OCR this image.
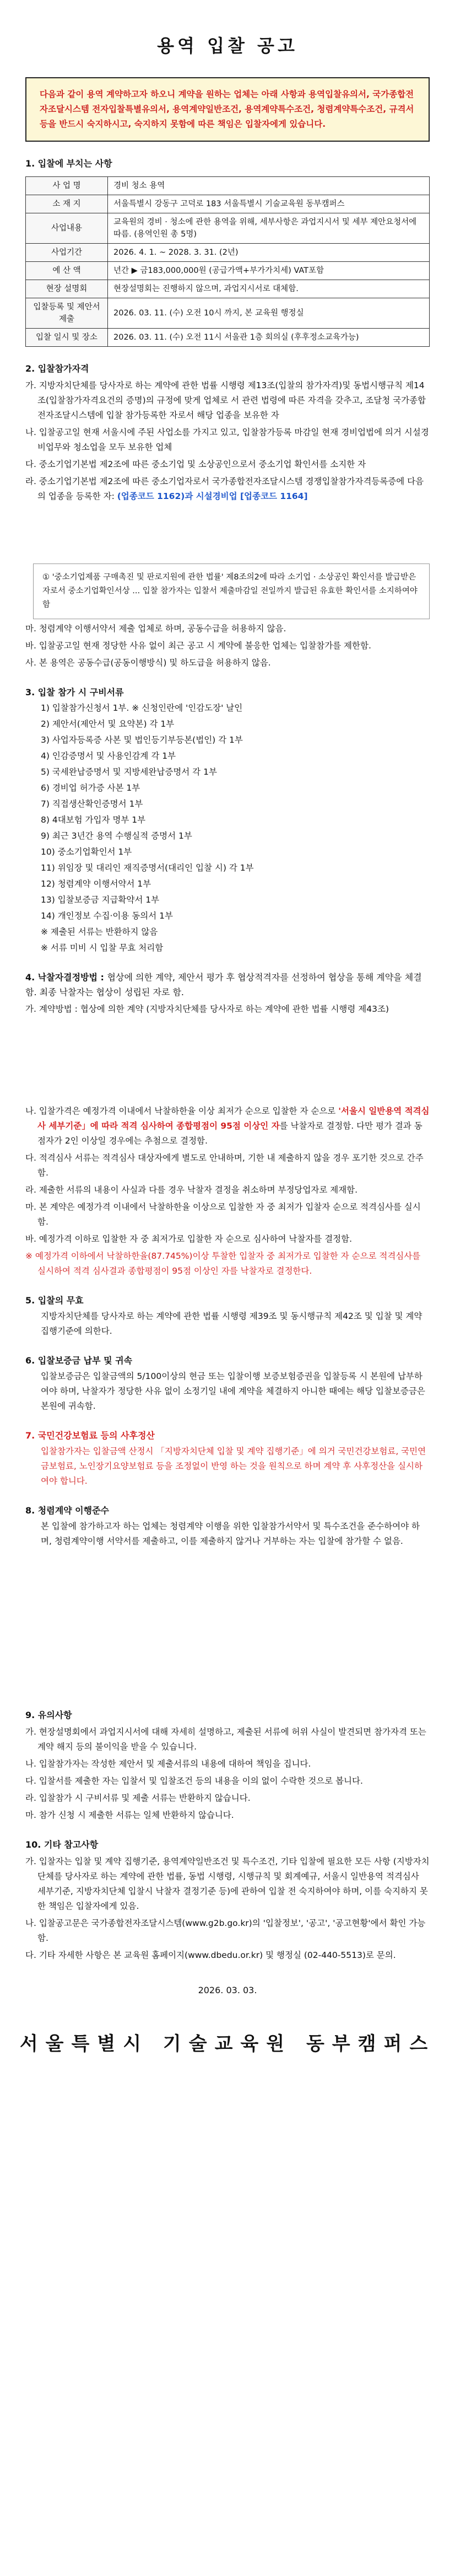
용역 입찰 공고
다음과 같이 용역 계약하고자 하오니 계약을 원하는 업체는 아래 사항과 용역입찰유의서, 국가종합전자조달시스템 전자입찰특별유의서, 용역계약일반조건, 용역계약특수조건, 청렴계약특수조건, 규격서 등을 반드시 숙지하시고, 숙지하지 못함에 따른 책임은 입찰자에게 있습니다.
1. 입찰에 부치는 사항
사 업 명	경비 청소 용역
소 재 지	서울특별시 강동구 고덕로 183 서울특별시 기술교육원 동부캠퍼스
사업내용	교육원의 경비 · 청소에 관한 용역을 위해, 세부사항은 과업지시서 및 세부 제안요청서에 따름. (용역인원 총 5명)
사업기간	2026. 4. 1. ~ 2028. 3. 31. (2년)
예 산 액	년간 ▶ 금183,000,000원 (공급가액+부가가치세) VAT포함
현장 설명회	현장설명회는 진행하지 않으며, 과업지시서로 대체함.
입찰등록 및 제안서 제출	2026. 03. 11. (수) 오전 10시 까지, 본 교육원 행정실
입찰 일시 및 장소	2026. 03. 11. (수) 오전 11시 서울관 1층 회의실 (후후정소교육가능)
2. 입찰참가자격
가. 지방자치단체를 당사자로 하는 계약에 관한 법률 시행령 제13조(입찰의 참가자격)및 동법시행규칙 제14조(입찰참가자격요건의 증명)의 규정에 맞게 업체로 서 관련 법령에 따른 자격을 갖추고, 조달청 국가종합전자조달시스템에 입찰 참가등록한 자로서 해당 업종을 보유한 자
나. 입찰공고일 현재 서울시에 주된 사업소를 가지고 있고, 입찰참가등록 마감일 현재 경비업법에 의거 시설경비업무와 청소업을 모두 보유한 업체
다. 중소기업기본법 제2조에 따른 중소기업 및 소상공인으로서 중소기업 확인서를 소지한 자
라. 중소기업기본법 제2조에 따른 중소기업자로서 국가종합전자조달시스템 경쟁입찰참가자격등록증에 다음의 업종을 등록한 자: (업종코드 1162)과 시설경비업 [업종코드 1164]
① '중소기업제품 구매촉진 및 판로지원에 관한 법률' 제8조의2에 따라 소기업 · 소상공인 확인서를 발급받은 자로서 중소기업확인서상 ... 입찰 참가자는 입찰서 제출마감일 전일까지 발급된 유효한 확인서를 소지하여야 함
마. 청렴계약 이행서약서 제출 업체로 하며, 공동수급을 허용하지 않음.
바. 입찰공고일 현재 정당한 사유 없이 최근 공고 시 계약에 불응한 업체는 입찰참가를 제한함.
사. 본 용역은 공동수급(공동이행방식) 및 하도급을 허용하지 않음.
3. 입찰 참가 시 구비서류
1) 입찰참가신청서 1부. ※ 신청인란에 '인감도장' 날인
2) 제안서(제안서 및 요약본) 각 1부
3) 사업자등록증 사본 및 법인등기부등본(법인) 각 1부
4) 인감증명서 및 사용인감계 각 1부
5) 국세완납증명서 및 지방세완납증명서 각 1부
6) 경비업 허가증 사본 1부
7) 직접생산확인증명서 1부
8) 4대보험 가입자 명부 1부
9) 최근 3년간 용역 수행실적 증명서 1부
10) 중소기업확인서 1부
11) 위임장 및 대리인 재직증명서(대리인 입찰 시) 각 1부
12) 청렴계약 이행서약서 1부
13) 입찰보증금 지급확약서 1부
14) 개인정보 수집·이용 동의서 1부
※ 제출된 서류는 반환하지 않음
※ 서류 미비 시 입찰 무효 처리함
4. 낙찰자결정방법 : 협상에 의한 계약, 제안서 평가 후 협상적격자를 선정하여 협상을 통해 계약을 체결함. 최종 낙찰자는 협상이 성립된 자로 함.
가. 계약방법 : 협상에 의한 계약 (지방자치단체를 당사자로 하는 계약에 관한 법률 시행령 제43조)
나. 입찰가격은 예정가격 이내에서 낙찰하한율 이상 최저가 순으로 입찰한 자 순으로 '서울시 일반용역 적격심사 세부기준」에 따라 적격 심사하여 종합평점이 95점 이상인 자를 낙찰자로 결정함. 다만 평가 결과 동점자가 2인 이상일 경우에는 추첨으로 결정함.
다. 적격심사 서류는 적격심사 대상자에게 별도로 안내하며, 기한 내 제출하지 않을 경우 포기한 것으로 간주함.
라. 제출한 서류의 내용이 사실과 다를 경우 낙찰자 결정을 취소하며 부정당업자로 제재함.
마. 본 계약은 예정가격 이내에서 낙찰하한율 이상으로 입찰한 자 중 최저가 입찰자 순으로 적격심사를 실시함.
바. 예정가격 이하로 입찰한 자 중 최저가로 입찰한 자 순으로 심사하여 낙찰자를 결정함.
※ 예정가격 이하에서 낙찰하한율(87.745%)이상 투찰한 입찰자 중 최저가로 입찰한 자 순으로 적격심사를 실시하여 적격 심사결과 종합평점이 95점 이상인 자를 낙찰자로 결정한다.
5. 입찰의 무효
지방자치단체를 당사자로 하는 계약에 관한 법률 시행령 제39조 및 동시행규칙 제42조 및 입찰 및 계약집행기준에 의한다.
6. 입찰보증금 납부 및 귀속
입찰보증금은 입찰금액의 5/100이상의 현금 또는 입찰이행 보증보험증권을 입찰등록 시 본원에 납부하여야 하며, 낙찰자가 정당한 사유 없이 소정기일 내에 계약을 체결하지 아니한 때에는 해당 입찰보증금은 본원에 귀속함.
7. 국민건강보험료 등의 사후정산
입찰참가자는 입찰금액 산정시 「지방자치단체 입찰 및 계약 집행기준」에 의거 국민건강보험료, 국민연금보험료, 노인장기요양보험료 등을 조정없이 반영 하는 것을 원칙으로 하며 계약 후 사후정산을 실시하여야 합니다.
8. 청렴계약 이행준수
본 입찰에 참가하고자 하는 업체는 청렴계약 이행을 위한 입찰참가서약서 및 특수조건을 준수하여야 하며, 청렴계약이행 서약서를 제출하고, 이를 제출하지 않거나 거부하는 자는 입찰에 참가할 수 없음.
9. 유의사항
가. 현장설명회에서 과업지시서에 대해 자세히 설명하고, 제출된 서류에 허위 사실이 발견되면 참가자격 또는 계약 해지 등의 불이익을 받을 수 있습니다.
나. 입찰참가자는 작성한 제안서 및 제출서류의 내용에 대하여 책임을 집니다.
다. 입찰서를 제출한 자는 입찰서 및 입찰조건 등의 내용을 이의 없이 수락한 것으로 봅니다.
라. 입찰참가 시 구비서류 및 제출 서류는 반환하지 않습니다.
마. 참가 신청 시 제출한 서류는 일체 반환하지 않습니다.
10. 기타 참고사항
가. 입찰자는 입찰 및 계약 집행기준, 용역계약일반조건 및 특수조건, 기타 입찰에 필요한 모든 사항 (지방자치단체를 당사자로 하는 계약에 관한 법률, 동법 시행령, 시행규칙 및 회계예규, 서울시 일반용역 적격심사 세부기준, 지방자치단체 입찰시 낙찰자 결정기준 등)에 관하여 입찰 전 숙지하여야 하며, 이를 숙지하지 못한 책임은 입찰자에게 있음.
나. 입찰공고문은 국가종합전자조달시스템(www.g2b.go.kr)의 '입찰정보', '공고', '공고현황'에서 확인 가능함.
다. 기타 자세한 사항은 본 교육원 홈페이지(www.dbedu.or.kr) 및 행정실 (02-440-5513)로 문의.
2026. 03. 03.
서울특별시 기술교육원 동부캠퍼스
